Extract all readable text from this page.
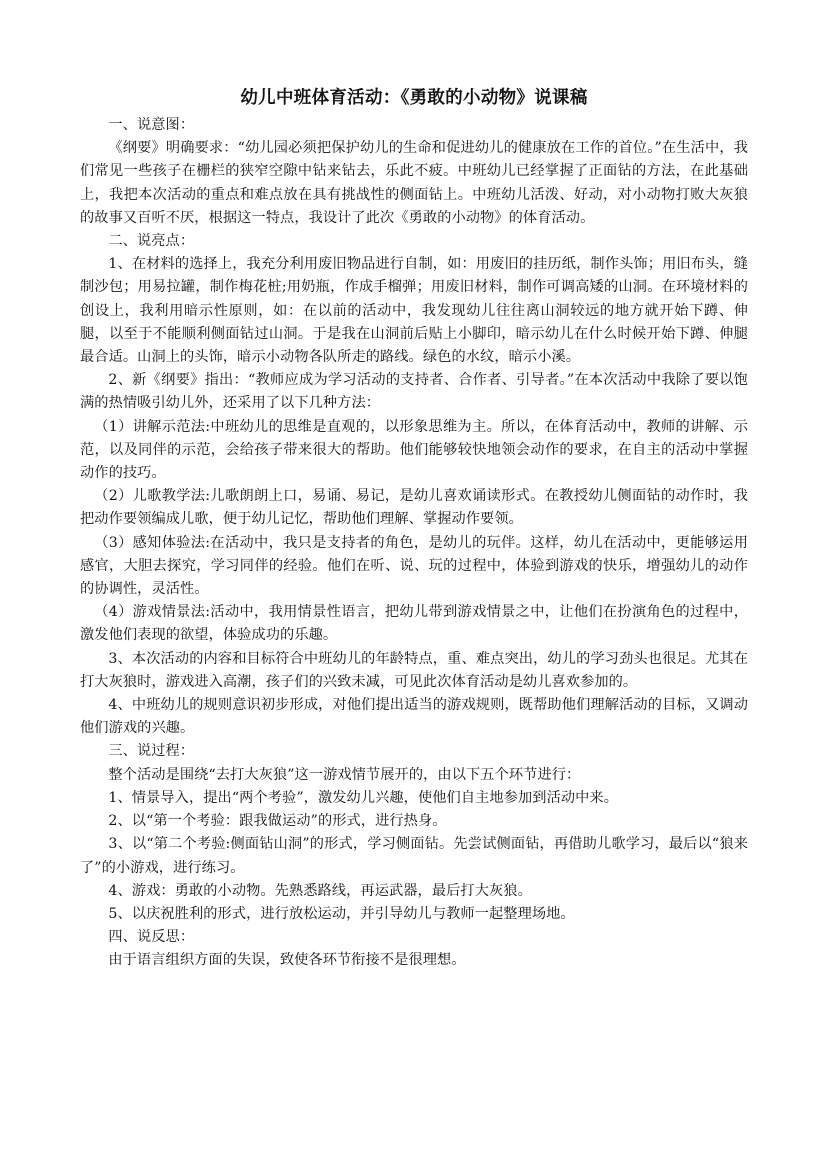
幼儿中班体育活动：《勇敢的小动物》说课稿

一、说意图：

《纲要》明确要求：“幼儿园必须把保护幼儿的生命和促进幼儿的健康放在工作的首位。”在生活中，我们常见一些孩子在栅栏的狭窄空隙中钻来钻去，乐此不疲。中班幼儿已经掌握了正面钻的方法，在此基础上，我把本次活动的重点和难点放在具有挑战性的侧面钻上。中班幼儿活泼、好动，对小动物打败大灰狼的故事又百听不厌，根据这一特点，我设计了此次《勇敢的小动物》的体育活动。

二、说亮点：

1、在材料的选择上，我充分利用废旧物品进行自制，如：用废旧的挂历纸，制作头饰；用旧布头，缝制沙包；用易拉罐，制作梅花桩;用奶瓶，作成手榴弹；用废旧材料，制作可调高矮的山洞。在环境材料的创设上，我利用暗示性原则，如：在以前的活动中，我发现幼儿往往离山洞较远的地方就开始下蹲、伸腿，以至于不能顺利侧面钻过山洞。于是我在山洞前后贴上小脚印，暗示幼儿在什么时候开始下蹲、伸腿最合适。山洞上的头饰，暗示小动物各队所走的路线。绿色的水纹，暗示小溪。

2、新《纲要》指出：“教师应成为学习活动的支持者、合作者、引导者。”在本次活动中我除了要以饱满的热情吸引幼儿外，还采用了以下几种方法：

（1）讲解示范法:中班幼儿的思维是直观的，以形象思维为主。所以，在体育活动中，教师的讲解、示范，以及同伴的示范，会给孩子带来很大的帮助。他们能够较快地领会动作的要求，在自主的活动中掌握动作的技巧。

（2）儿歌教学法:儿歌朗朗上口，易诵、易记，是幼儿喜欢诵读形式。在教授幼儿侧面钻的动作时，我把动作要领编成儿歌，便于幼儿记忆，帮助他们理解、掌握动作要领。

（3）感知体验法:在活动中，我只是支持者的角色，是幼儿的玩伴。这样，幼儿在活动中，更能够运用感官，大胆去探究，学习同伴的经验。他们在听、说、玩的过程中，体验到游戏的快乐，增强幼儿的动作的协调性，灵活性。

（4）游戏情景法:活动中，我用情景性语言，把幼儿带到游戏情景之中，让他们在扮演角色的过程中，激发他们表现的欲望，体验成功的乐趣。

3、本次活动的内容和目标符合中班幼儿的年龄特点，重、难点突出，幼儿的学习劲头也很足。尤其在打大灰狼时，游戏进入高潮，孩子们的兴致未减，可见此次体育活动是幼儿喜欢参加的。

4、中班幼儿的规则意识初步形成，对他们提出适当的游戏规则，既帮助他们理解活动的目标，又调动他们游戏的兴趣。

三、说过程：

整个活动是围绕“去打大灰狼”这一游戏情节展开的，由以下五个环节进行：

1、情景导入，提出“两个考验”，激发幼儿兴趣，使他们自主地参加到活动中来。

2、以“第一个考验：跟我做运动”的形式，进行热身。

3、以“第二个考验:侧面钻山洞”的形式，学习侧面钻。先尝试侧面钻，再借助儿歌学习，最后以“狼来了”的小游戏，进行练习。

4、游戏：勇敢的小动物。先熟悉路线，再运武器，最后打大灰狼。

5、以庆祝胜利的形式，进行放松运动，并引导幼儿与教师一起整理场地。

四、说反思：

由于语言组织方面的失误，致使各环节衔接不是很理想。
